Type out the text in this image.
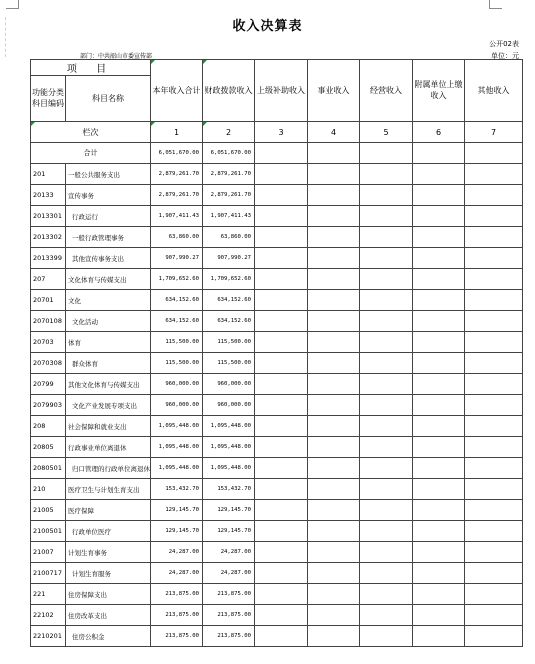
收入决算表
公开02表
单位：元
部门：中共韶山市委宣传部
项 目		本年收入合计	财政拨款收入	上级补助收入	事业收入	经营收入	附属单位上缴收入	其他收入
功能分类科目编码	科目名称							
栏次		1	2	3	4	5	6	7
合计		6,051,670.00	6,051,670.00					
201	一般公共服务支出	2,879,261.70	2,879,261.70					
20133	宣传事务	2,879,261.70	2,879,261.70					
2013301	行政运行	1,907,411.43	1,907,411.43					
2013302	一般行政管理事务	63,860.00	63,860.00					
2013399	其他宣传事务支出	907,990.27	907,990.27					
207	文化体育与传媒支出	1,709,652.60	1,709,652.60					
20701	文化	634,152.60	634,152.60					
2070108	文化活动	634,152.60	634,152.60					
20703	体育	115,500.00	115,500.00					
2070308	群众体育	115,500.00	115,500.00					
20799	其他文化体育与传媒支出	960,000.00	960,000.00					
2079903	文化产业发展专项支出	960,000.00	960,000.00					
208	社会保障和就业支出	1,095,448.00	1,095,448.00					
20805	行政事业单位离退休	1,095,448.00	1,095,448.00					
2080501	归口管理的行政单位离退休	1,095,448.00	1,095,448.00					
210	医疗卫生与计划生育支出	153,432.70	153,432.70					
21005	医疗保障	129,145.70	129,145.70					
2100501	行政单位医疗	129,145.70	129,145.70					
21007	计划生育事务	24,287.00	24,287.00					
2100717	计划生育服务	24,287.00	24,287.00					
221	住房保障支出	213,875.00	213,875.00					
22102	住房改革支出	213,875.00	213,875.00					
2210201	住房公积金	213,875.00	213,875.00					
